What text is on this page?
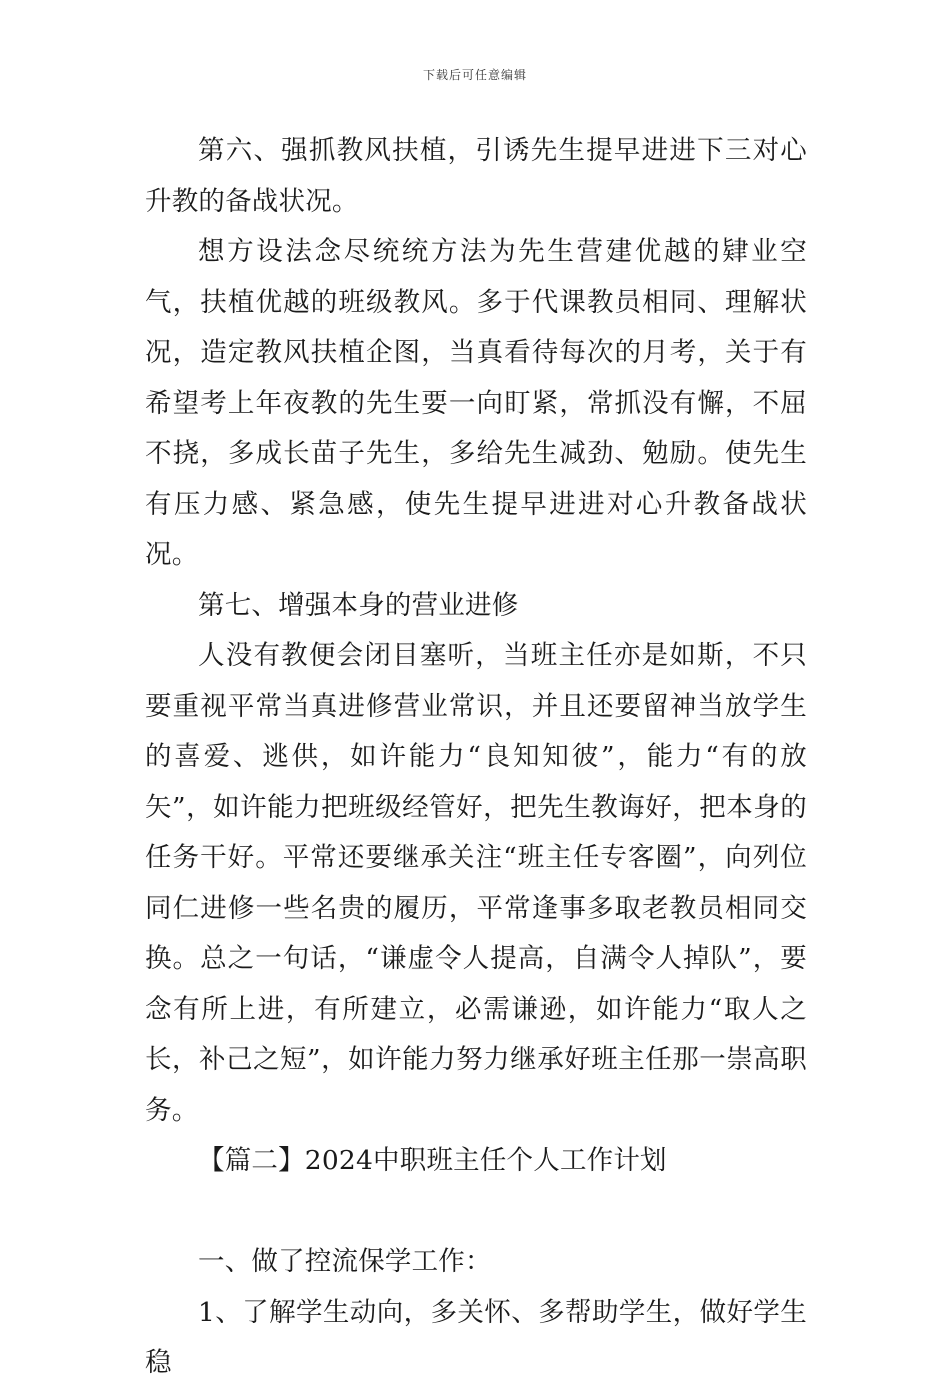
下载后可任意编辑

第六、强抓教风扶植，引诱先生提早进进下三对心升教的备战状况。

想方设法念尽统统方法为先生营建优越的肄业空气，扶植优越的班级教风。多于代课教员相同、理解状况，造定教风扶植企图，当真看待每次的月考，关于有希望考上年夜教的先生要一向盯紧，常抓没有懈，不屈不挠，多成长苗子先生，多给先生减劲、勉励。使先生有压力感、紧急感，使先生提早进进对心升教备战状况。

第七、增强本身的营业进修

人没有教便会闭目塞听，当班主任亦是如斯，不只要重视平常当真进修营业常识，并且还要留神当放学生的喜爱、逃供，如许能力“良知知彼”，能力“有的放矢”，如许能力把班级经管好，把先生教诲好，把本身的任务干好。平常还要继承关注“班主任专客圈”，向列位同仁进修一些名贵的履历，平常逢事多取老教员相同交换。总之一句话，“谦虚令人提高，自满令人掉队”，要念有所上进，有所建立，必需谦逊，如许能力“取人之长，补己之短”，如许能力努力继承好班主任那一崇高职务。

【篇二】2024中职班主任个人工作计划

一、做了控流保学工作：

1、了解学生动向，多关怀、多帮助学生，做好学生稳
